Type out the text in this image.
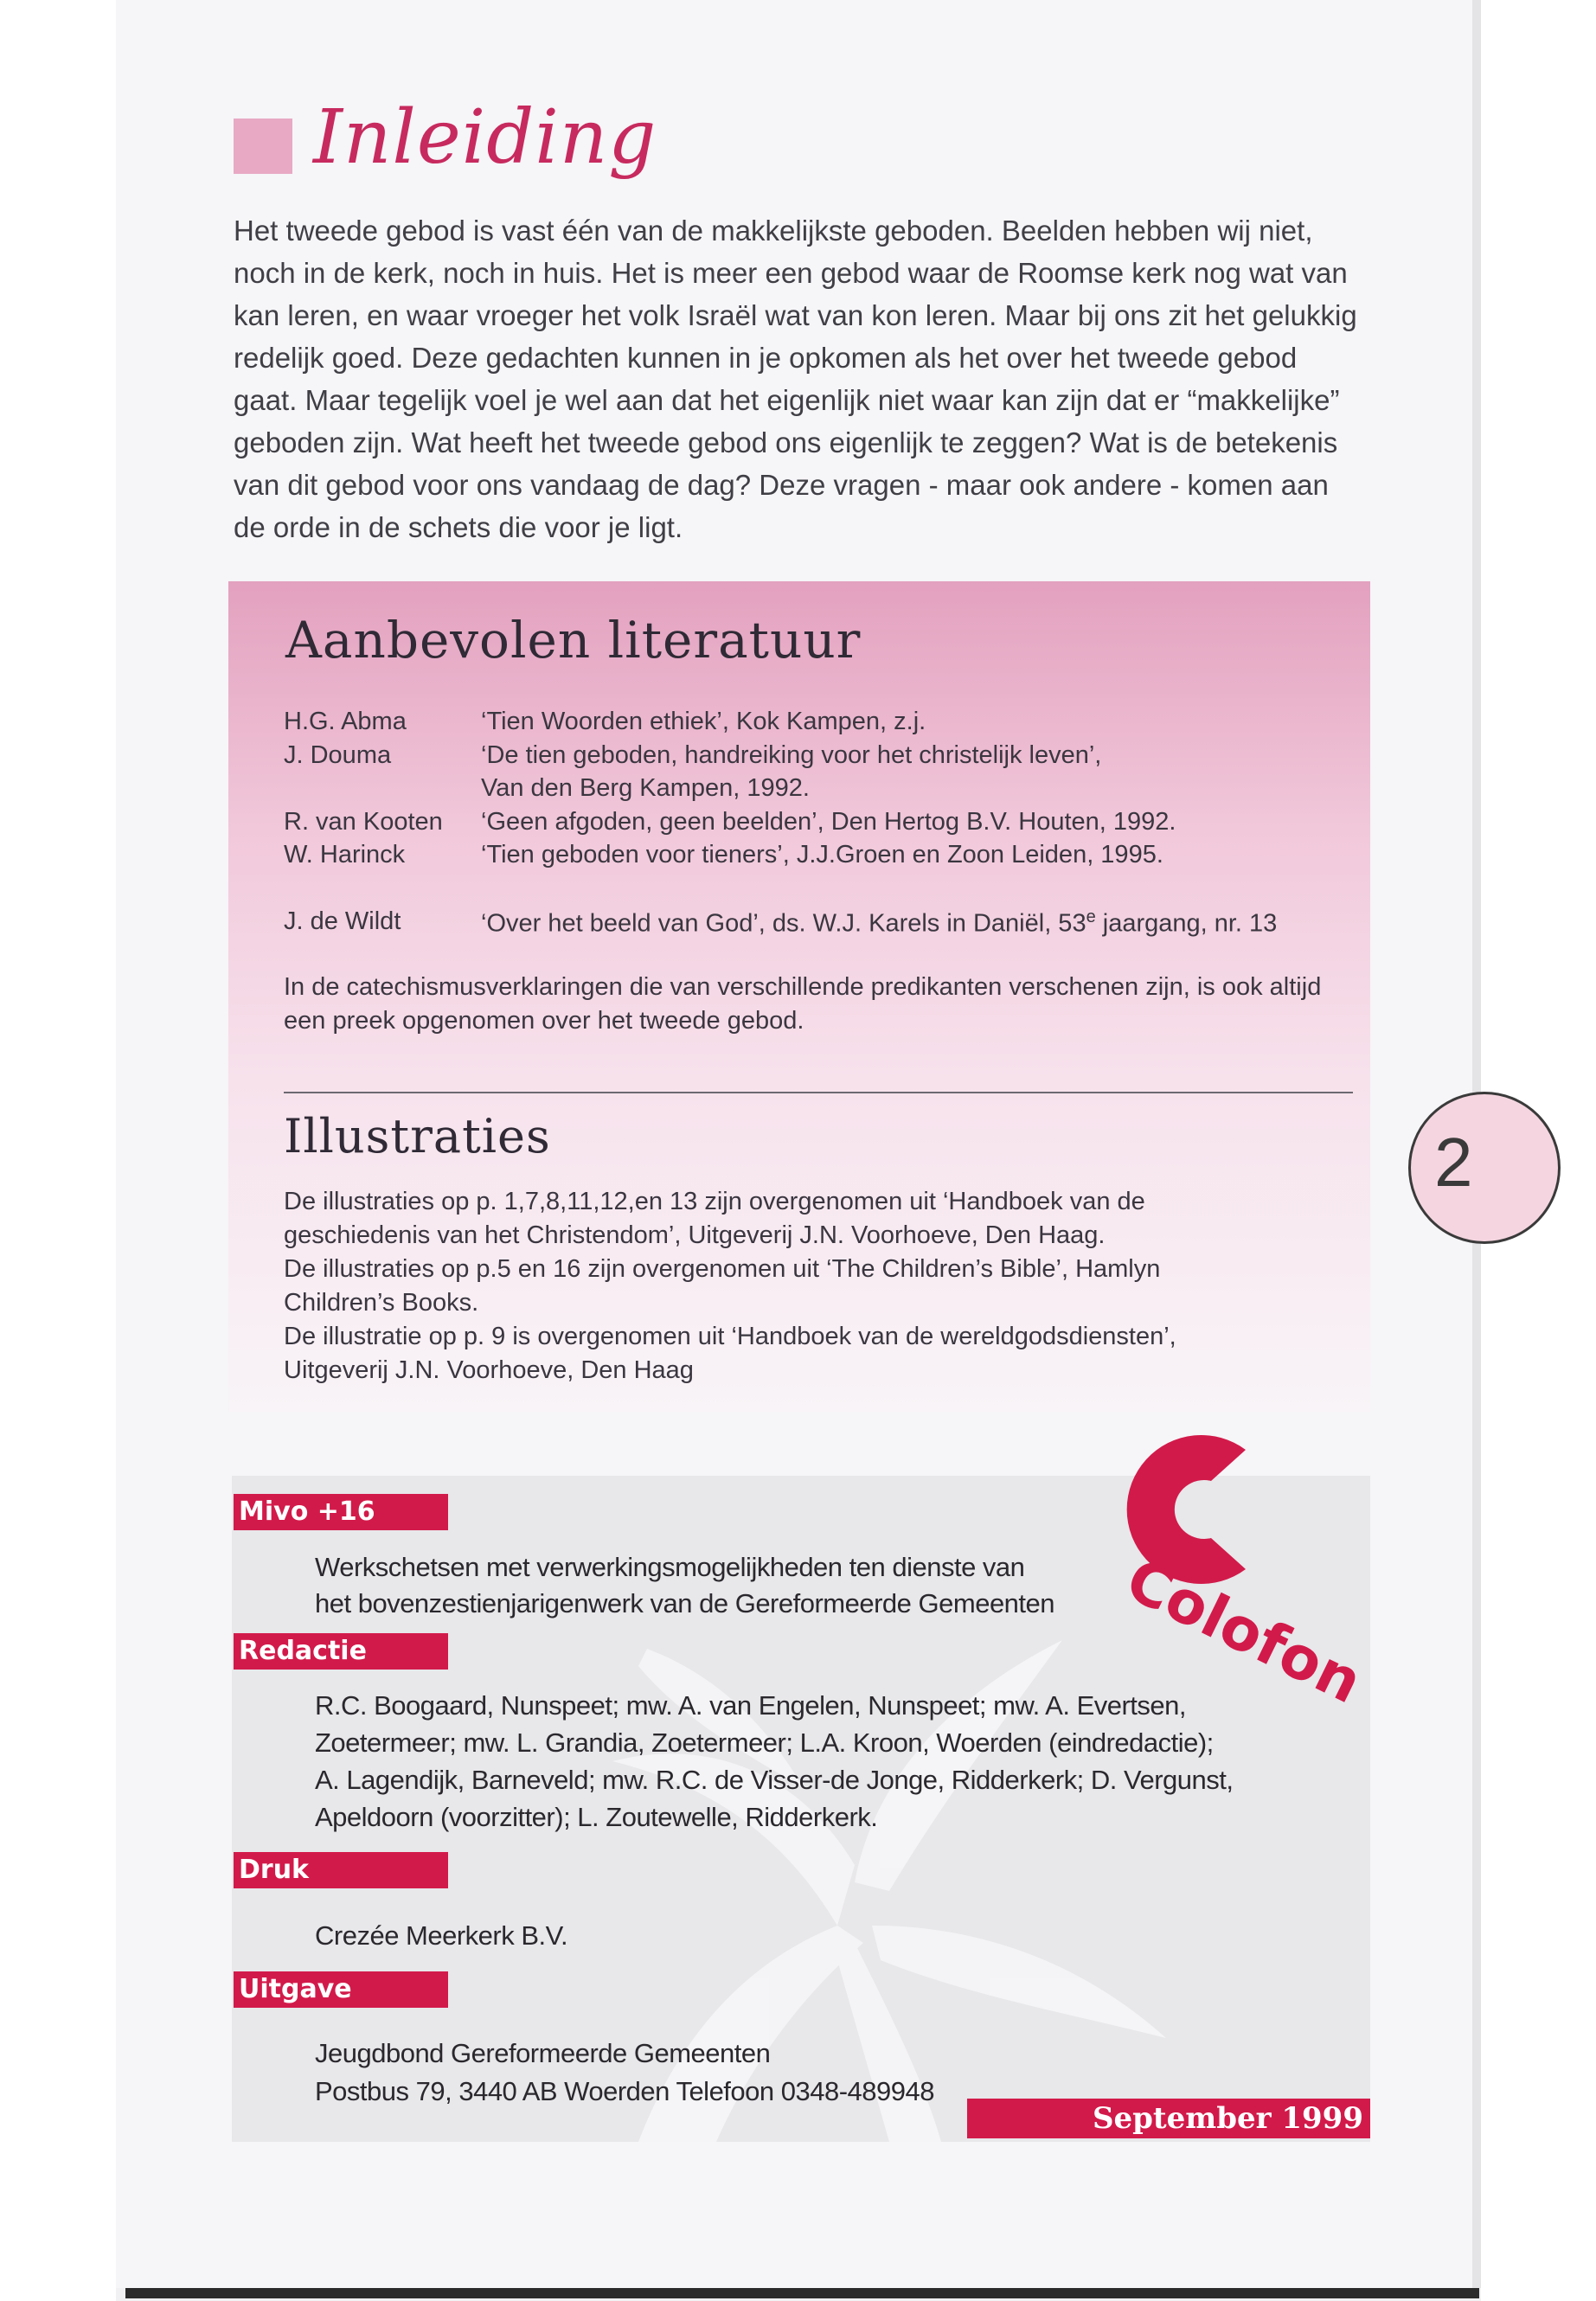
Inleiding

Het tweede gebod is vast één van de makkelijkste geboden. Beelden hebben wij niet, noch in de kerk, noch in huis. Het is meer een gebod waar de Roomse kerk nog wat van kan leren, en waar vroeger het volk Israël wat van kon leren. Maar bij ons zit het gelukkig redelijk goed. Deze gedachten kunnen in je opkomen als het over het tweede gebod gaat. Maar tegelijk voel je wel aan dat het eigenlijk niet waar kan zijn dat er “makkelijke” geboden zijn. Wat heeft het tweede gebod ons eigenlijk te zeggen? Wat is de betekenis van dit gebod voor ons vandaag de dag? Deze vragen - maar ook andere - komen aan de orde in de schets die voor je ligt.

Aanbevolen literatuur
H.G. Abma	‘Tien Woorden ethiek’, Kok Kampen, z.j.
J. Douma	‘De tien geboden, handreiking voor het christelijk leven’,
Van den Berg Kampen, 1992.
R. van Kooten ‘Geen afgoden, geen beelden’, Den Hertog B.V. Houten, 1992.
W. Harinck	‘Tien geboden voor tieners’, J.J.Groen en Zoon Leiden, 1995.
J. de Wildt	‘Over het beeld van God’, ds. W.J. Karels in Daniël, 53e jaargang, nr. 13

In de catechismusverklaringen die van verschillende predikanten verschenen zijn, is ook altijd een preek opgenomen over het tweede gebod.

Illustraties
De illustraties op p. 1,7,8,11,12,en 13 zijn overgenomen uit ‘Handboek van de
geschiedenis van het Christendom’, Uitgeverij J.N. Voorhoeve, Den Haag.
De illustraties op p.5 en 16 zijn overgenomen uit ‘The Children’s Bible’, Hamlyn
Children’s Books.
De illustratie op p. 9 is overgenomen uit ‘Handboek van de wereldgodsdiensten’,
Uitgeverij J.N. Voorhoeve, Den Haag
2
Mivo +16
Werkschetsen met verwerkingsmogelijkheden ten dienste van
het bovenzestienjarigenwerk van de Gereformeerde Gemeenten
Redactie
R.C. Boogaard, Nunspeet; mw. A. van Engelen, Nunspeet; mw. A. Evertsen,
Zoetermeer; mw. L. Grandia, Zoetermeer; L.A. Kroon, Woerden (eindredactie);
A. Lagendijk, Barneveld; mw. R.C. de Visser-de Jonge, Ridderkerk; D. Vergunst,
Apeldoorn (voorzitter); L. Zoutewelle, Ridderkerk.
Druk
Crezée Meerkerk B.V.
Uitgave
Jeugdbond Gereformeerde Gemeenten
Postbus 79, 3440 AB Woerden Telefoon 0348-489948
Colofon
September 1999
